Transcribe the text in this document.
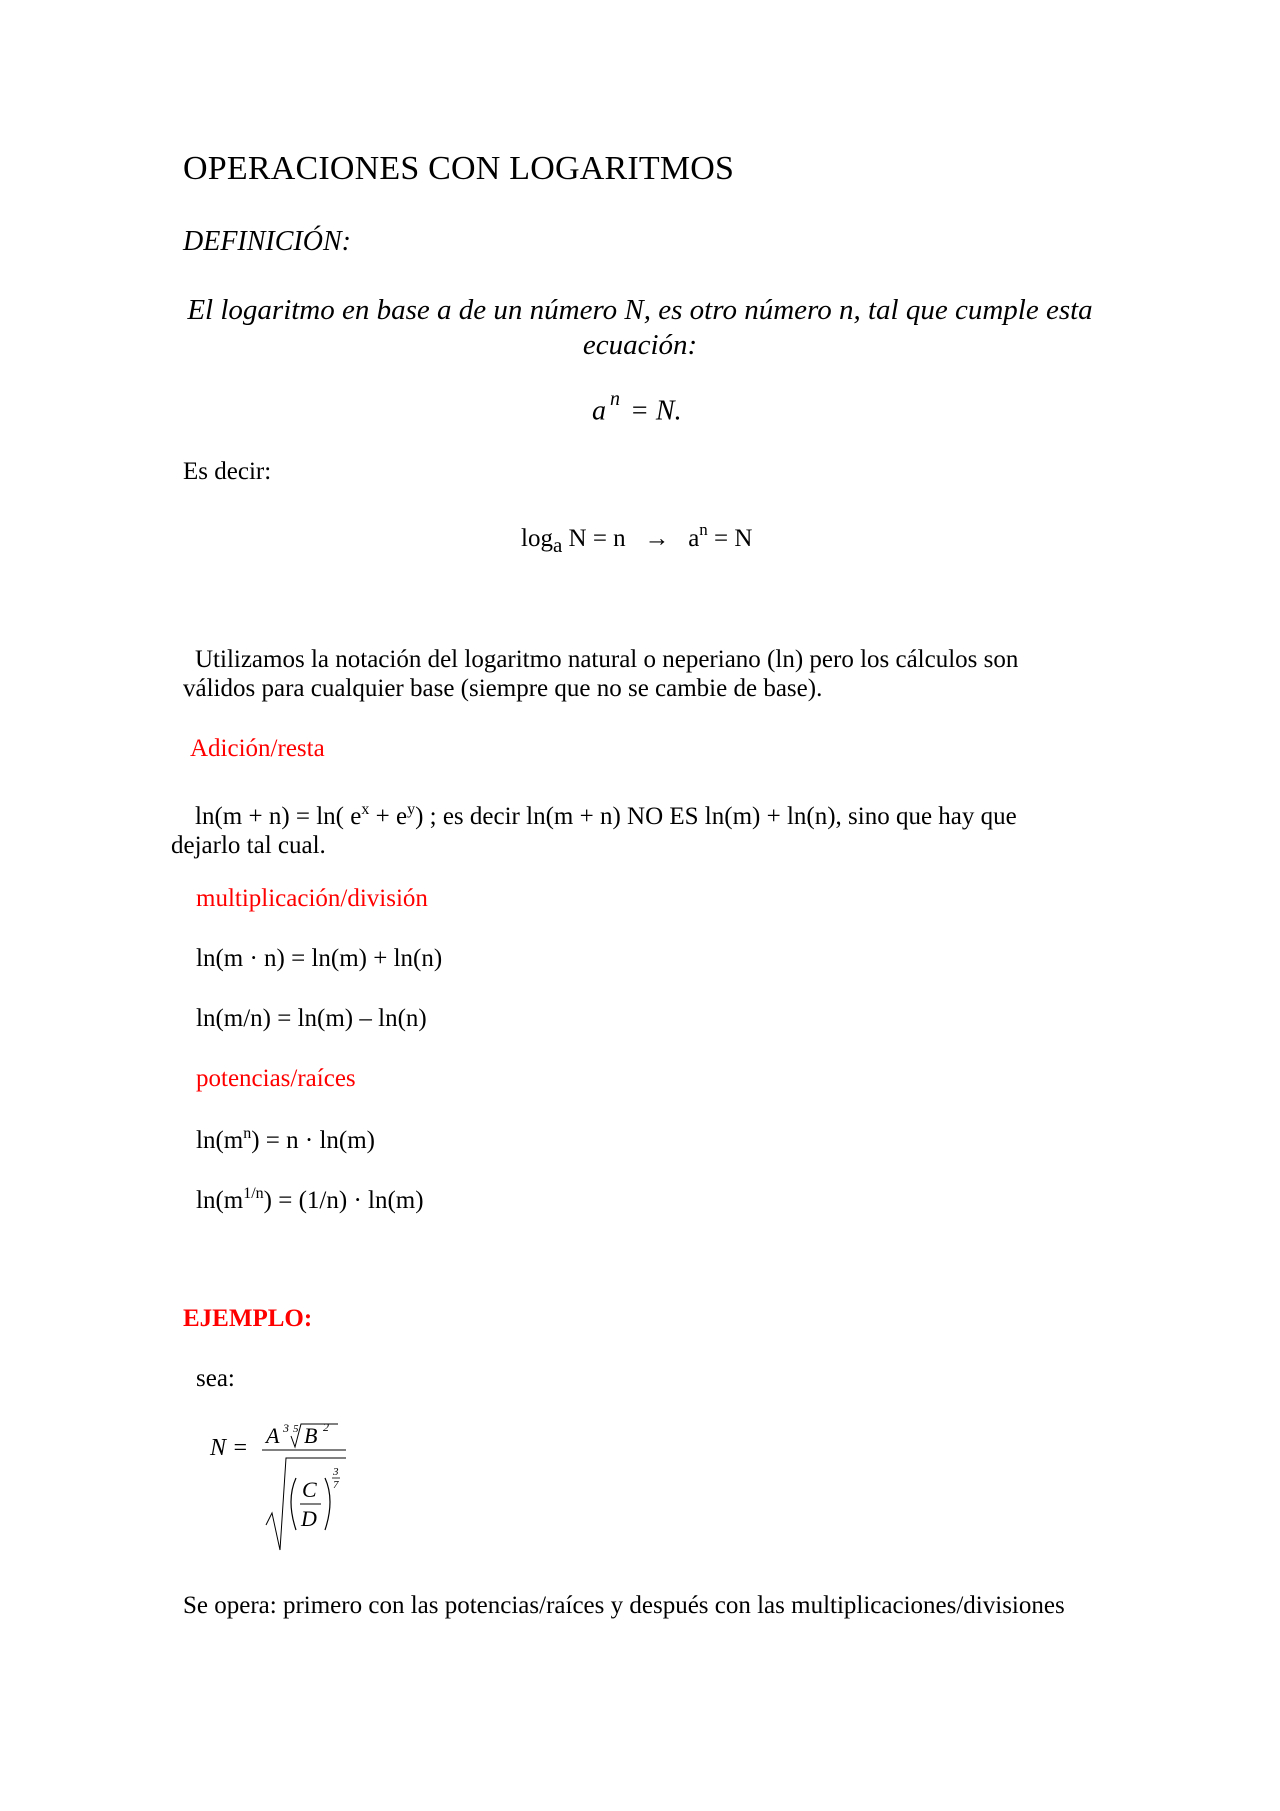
OPERACIONES CON LOGARITMOS
DEFINICIÓN:
El logaritmo en base a de un número N, es otro número n, tal que cumple esta ecuación:
a $^n$ = N.
Es decir:
$\log_a N = n \to a^n = N$
Utilizamos la notación del logaritmo natural o neperiano (ln) pero los cálculos son válidos para cualquier base (siempre que no se cambie de base).
Adición/resta
ln(m + n) = ln( $e^x + e^y$) ; es decir ln(m + n) NO ES ln(m) + ln(n), sino que hay que
dejarlo tal cual.
multiplicación/división
ln(m · n) = ln(m) + ln(n)
ln(m/n) = ln(m) – ln(n)
potencias/raíces
$\ln(m^n) = n \cdot \ln(m)$
$\ln(m^{1/n}) = (1/n) \cdot \ln(m)$
EJEMPLO:
sea:
N = A 3 5 B 2
C
D
3
7
Se opera: primero con las potencias/raíces y después con las multiplicaciones/divisiones
